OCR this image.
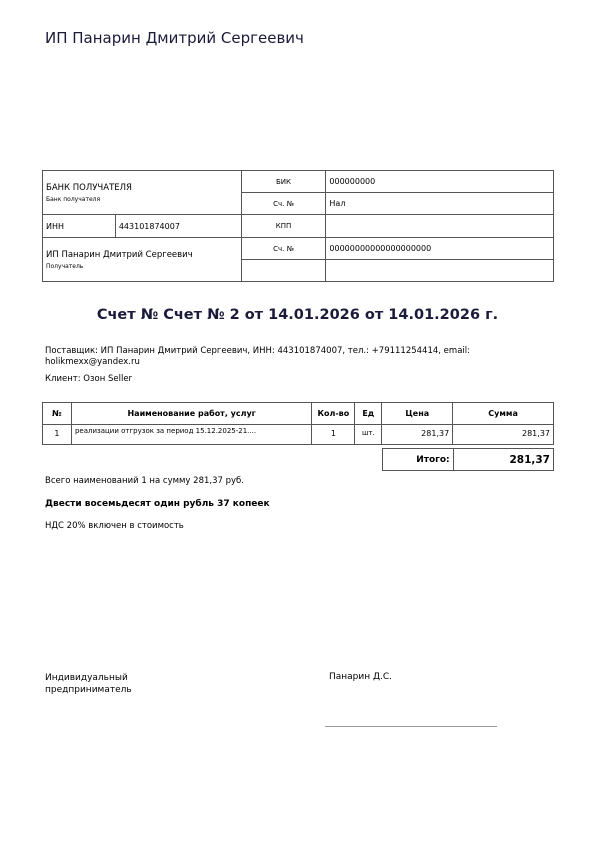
ИП Панарин Дмитрий Сергеевич
БАНК ПОЛУЧАТЕЛЯ
Банк получателя		БИК	000000000
		Сч. №	Нал
ИНН	443101874007	КПП	
ИП Панарин Дмитрий Сергеевич
Получатель		Сч. №	00000000000000000000

Счет № Счет № 2 от 14.01.2026 от 14.01.2026 г.
Поставщик: ИП Панарин Дмитрий Сергеевич, ИНН: 443101874007, тел.: +79111254414, email: holikmexx@yandex.ru
Клиент: Озон Seller
№	Наименование работ, услуг	Кол-во	Ед	Цена	Сумма
1	реализации отгрузок за период 15.12.2025-21....	1	шт.	281,37	281,37
Итого:	281,37
Всего наименований 1 на сумму 281,37 руб.
Двести восемьдесят один рубль 37 копеек
НДС 20% включен в стоимость
Индивидуальный предприниматель
Панарин Д.С.
